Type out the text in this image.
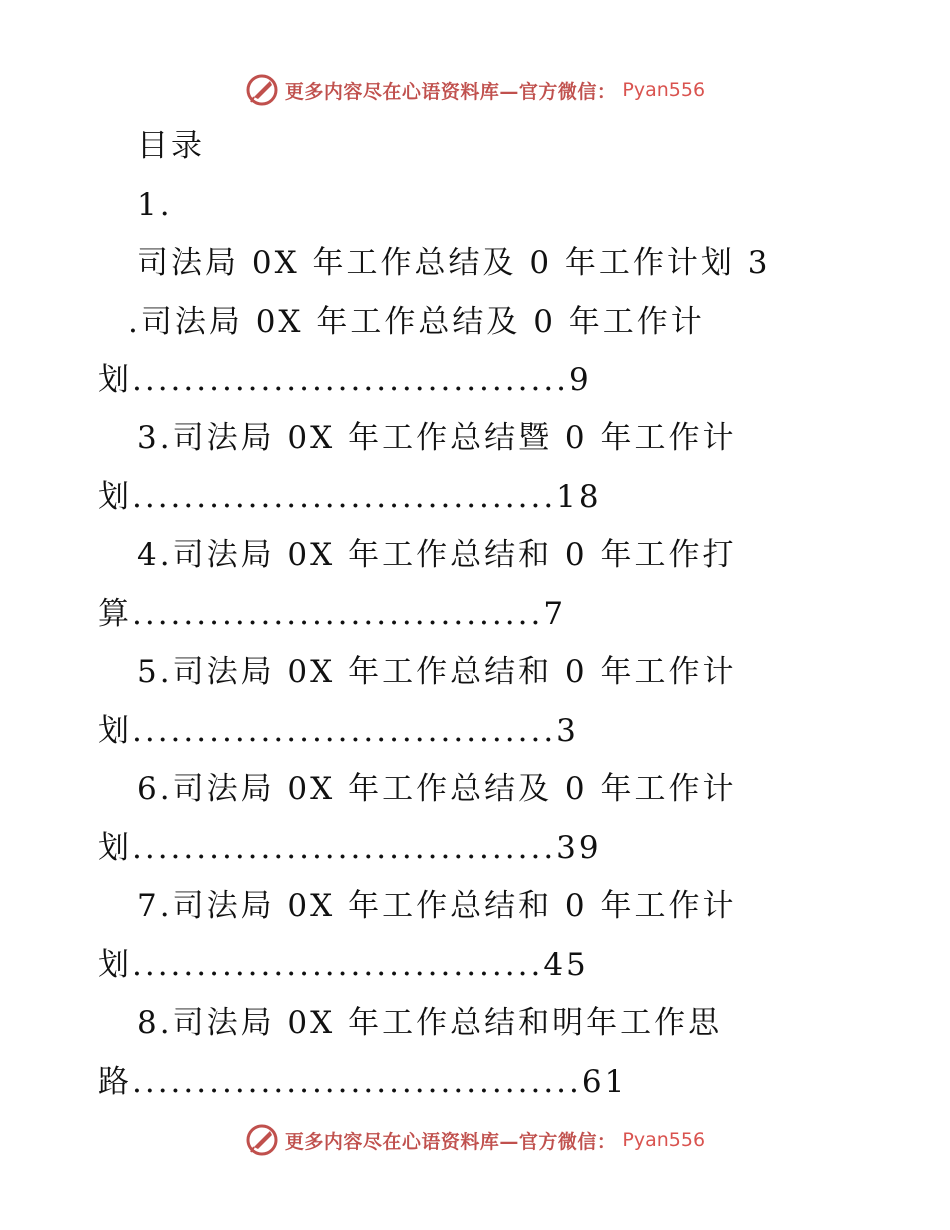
更多内容尽在心语资料库—官方微信： Pyan556
目录
1.
司法局 0X 年工作总结及 0 年工作计划 3
.司法局 0X 年工作总结及 0 年工作计
划..................................9
3.司法局 0X 年工作总结暨 0 年工作计
划.................................18
4.司法局 0X 年工作总结和 0 年工作打
算................................7
5.司法局 0X 年工作总结和 0 年工作计
划.................................3
6.司法局 0X 年工作总结及 0 年工作计
划.................................39
7.司法局 0X 年工作总结和 0 年工作计
划................................45
8.司法局 0X 年工作总结和明年工作思
路...................................61
更多内容尽在心语资料库—官方微信： Pyan556
